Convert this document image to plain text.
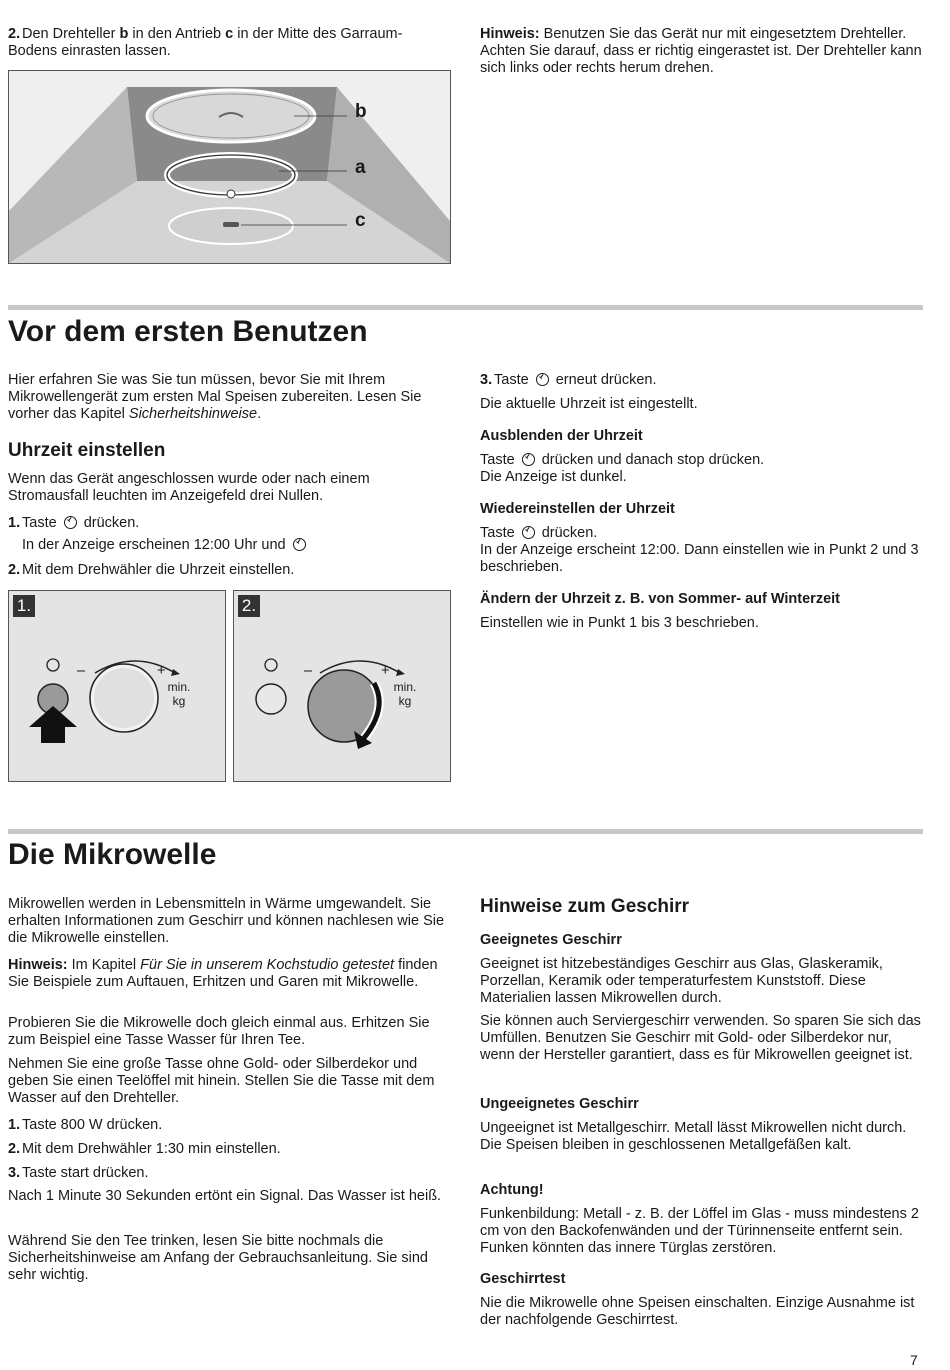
2. Den Drehteller b in den Antrieb c in der Mitte des Garraum-Bodens einrasten lassen.

Hinweis: Benutzen Sie das Gerät nur mit eingesetztem Drehteller. Achten Sie darauf, dass er richtig eingerastet ist. Der Drehteller kann sich links oder rechts herum drehen.

b
a
c
Vor dem ersten Benutzen

Hier erfahren Sie was Sie tun müssen, bevor Sie mit Ihrem Mikrowellengerät zum ersten Mal Speisen zubereiten. Lesen Sie vorher das Kapitel Sicherheitshinweise.

Uhrzeit einstellen

Wenn das Gerät angeschlossen wurde oder nach einem Stromausfall leuchten im Anzeigefeld drei Nullen.

1. Taste  drücken.

In der Anzeige erscheinen 12:00 Uhr und

2. Mit dem Drehwähler die Uhrzeit einstellen.

1.
–	+
min.
kg
2.
–	+
min.
kg

3. Taste  erneut drücken.

Die aktuelle Uhrzeit ist eingestellt.

Ausblenden der Uhrzeit

Taste  drücken und danach stop drücken.
Die Anzeige ist dunkel.

Wiedereinstellen der Uhrzeit

Taste  drücken.
In der Anzeige erscheint 12:00. Dann einstellen wie in Punkt 2 und 3 beschrieben.

Ändern der Uhrzeit z. B. von Sommer- auf Winterzeit

Einstellen wie in Punkt 1 bis 3 beschrieben.

Die Mikrowelle

Mikrowellen werden in Lebensmitteln in Wärme umgewandelt. Sie erhalten Informationen zum Geschirr und können nachlesen wie Sie die Mikrowelle einstellen.

Hinweis: Im Kapitel Für Sie in unserem Kochstudio getestet finden Sie Beispiele zum Auftauen, Erhitzen und Garen mit Mikrowelle.

Probieren Sie die Mikrowelle doch gleich einmal aus. Erhitzen Sie zum Beispiel eine Tasse Wasser für Ihren Tee.

Nehmen Sie eine große Tasse ohne Gold- oder Silberdekor und geben Sie einen Teelöffel mit hinein. Stellen Sie die Tasse mit dem Wasser auf den Drehteller.

1. Taste 800 W drücken.

2. Mit dem Drehwähler 1:30 min einstellen.

3. Taste start drücken.

Nach 1 Minute 30 Sekunden ertönt ein Signal. Das Wasser ist heiß.

Während Sie den Tee trinken, lesen Sie bitte nochmals die Sicherheitshinweise am Anfang der Gebrauchsanleitung. Sie sind sehr wichtig.

Hinweise zum Geschirr
Geeignetes Geschirr

Geeignet ist hitzebeständiges Geschirr aus Glas, Glaskeramik, Porzellan, Keramik oder temperaturfestem Kunststoff. Diese Materialien lassen Mikrowellen durch.

Sie können auch Serviergeschirr verwenden. So sparen Sie sich das Umfüllen. Benutzen Sie Geschirr mit Gold- oder Silberdekor nur, wenn der Hersteller garantiert, dass es für Mikrowellen geeignet ist.

Ungeeignetes Geschirr

Ungeeignet ist Metallgeschirr. Metall lässt Mikrowellen nicht durch. Die Speisen bleiben in geschlossenen Metallgefäßen kalt.

Achtung!

Funkenbildung: Metall - z. B. der Löffel im Glas - muss mindestens 2 cm von den Backofenwänden und der Türinnenseite entfernt sein. Funken könnten das innere Türglas zerstören.

Geschirrtest

Nie die Mikrowelle ohne Speisen einschalten. Einzige Ausnahme ist der nachfolgende Geschirrtest.

7
